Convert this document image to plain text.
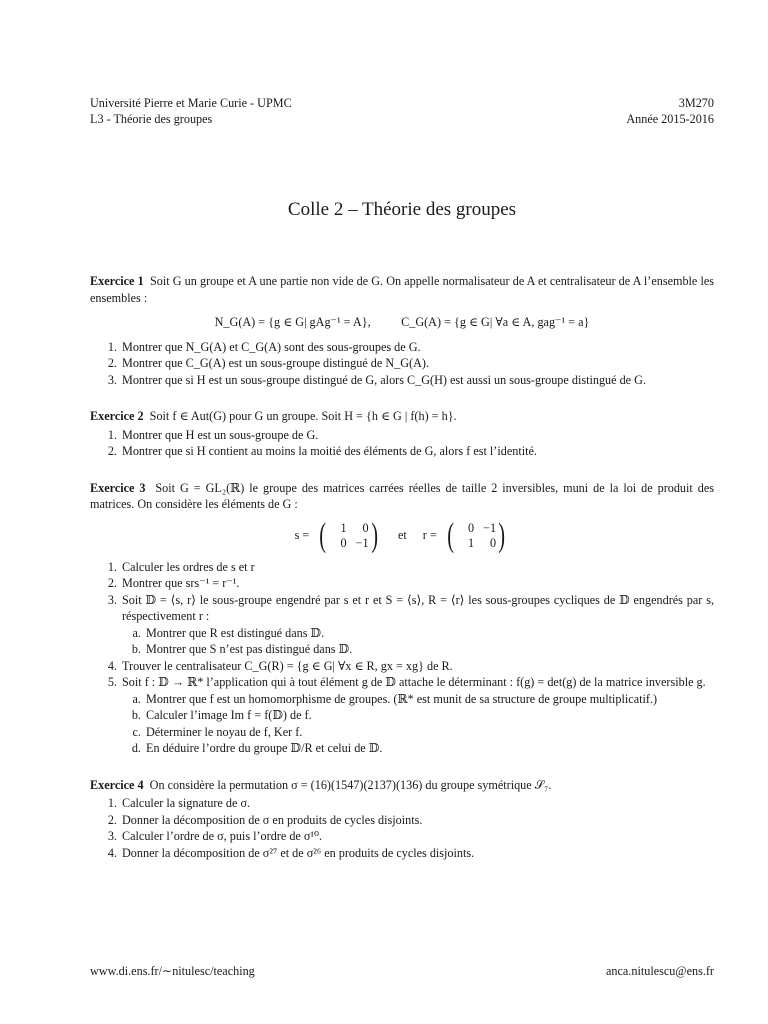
Université Pierre et Marie Curie - UPMC
L3 - Théorie des groupes
3M270
Année 2015-2016
Colle 2 – Théorie des groupes
Exercice 1 Soit G un groupe et A une partie non vide de G. On appelle normalisateur de A et centralisateur de A l’ensemble les ensembles :
N_G(A) = {g ∈ G| gAg⁻¹ = A}, C_G(A) = {g ∈ G| ∀a ∈ A, gag⁻¹ = a}
1. Montrer que N_G(A) et C_G(A) sont des sous-groupes de G.
2. Montrer que C_G(A) est un sous-groupe distingué de N_G(A).
3. Montrer que si H est un sous-groupe distingué de G, alors C_G(H) est aussi un sous-groupe distingué de G.
Exercice 2 Soit f ∈ Aut(G) pour G un groupe. Soit H = {h ∈ G | f(h) = h}.
1. Montrer que H est un sous-groupe de G.
2. Montrer que si H contient au moins la moitié des éléments de G, alors f est l’identité.
Exercice 3 Soit G = GL₂(ℝ) le groupe des matrices carrées réelles de taille 2 inversibles, muni de la loi de produit des matrices. On considère les éléments de G :
s = (	1	0
0 −1 ) et r = (	0 −1
1	0 )
1. Calculer les ordres de s et r
2. Montrer que srs⁻¹ = r⁻¹.
3. Soit 𝔻 = ⟨s, r⟩ le sous-groupe engendré par s et r et S = ⟨s⟩, R = ⟨r⟩ les sous-groupes cycliques de 𝔻 engendrés par s, réspectivement r :
a. Montrer que R est distingué dans 𝔻.
b. Montrer que S n’est pas distingué dans 𝔻.
4. Trouver le centralisateur C_G(R) = {g ∈ G| ∀x ∈ R, gx = xg} de R.
5. Soit f : 𝔻 → ℝ* l’application qui à tout élément g de 𝔻 attache le déterminant : f(g) = det(g) de la matrice inversible g.
a. Montrer que f est un homomorphisme de groupes. (ℝ* est munit de sa structure de groupe multiplicatif.)
b. Calculer l’image Im f = f(𝔻) de f.
c. Déterminer le noyau de f, Ker f.
d. En déduire l’ordre du groupe 𝔻/R et celui de 𝔻.
Exercice 4 On considère la permutation σ = (16)(1547)(2137)(136) du groupe symétrique 𝒮₇.
1. Calculer la signature de σ.
2. Donner la décomposition de σ en produits de cycles disjoints.
3. Calculer l’ordre de σ, puis l’ordre de σ¹⁰.
4. Donner la décomposition de σ²⁷ et de σ²⁶ en produits de cycles disjoints.
www.di.ens.fr/∼nitulesc/teaching	anca.nitulescu@ens.fr
